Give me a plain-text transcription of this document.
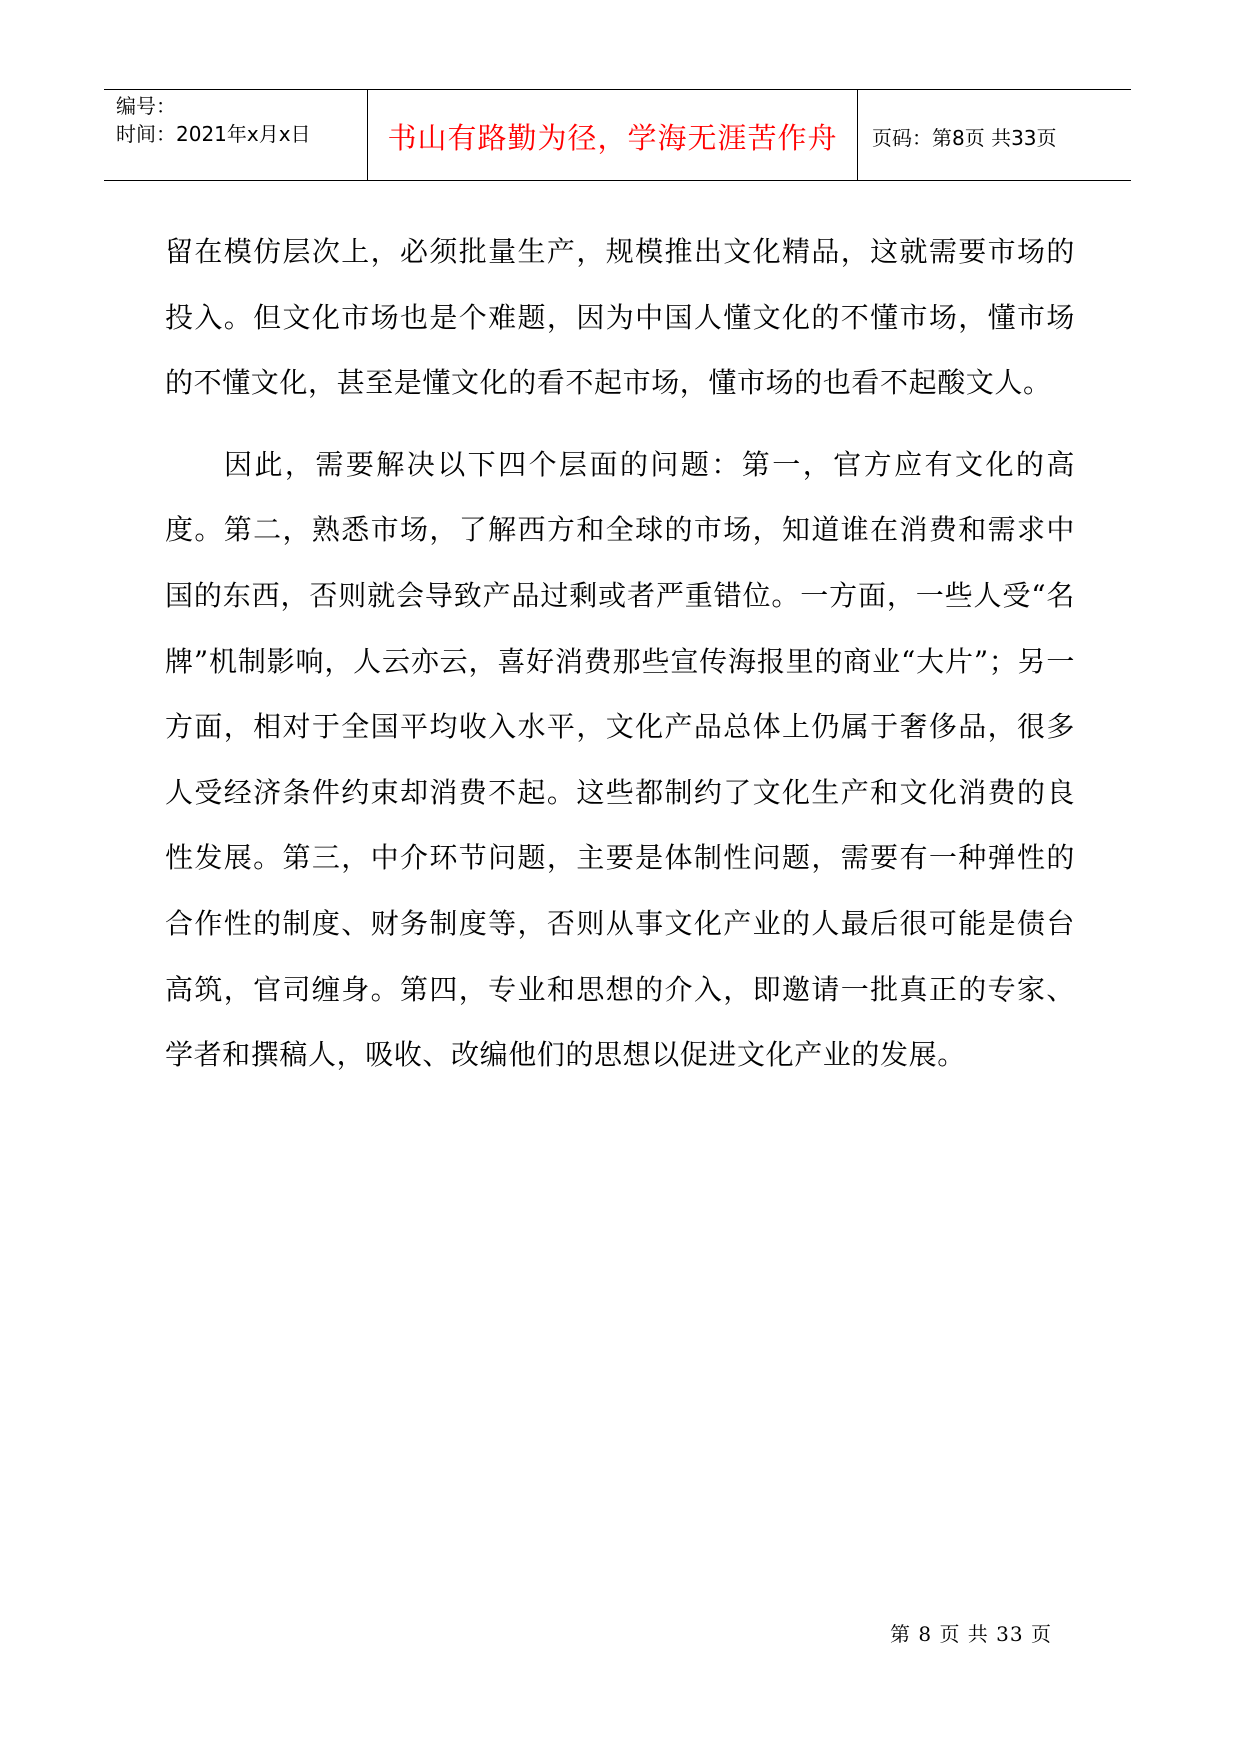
编号：
时间：2021年x月x日	书山有路勤为径，学海无涯苦作舟	页码：第8页 共33页

留在模仿层次上，必须批量生产，规模推出文化精品，这就需要市场的投入。但文化市场也是个难题，因为中国人懂文化的不懂市场，懂市场的不懂文化，甚至是懂文化的看不起市场，懂市场的也看不起酸文人。

因此，需要解决以下四个层面的问题：第一，官方应有文化的高度。第二，熟悉市场，了解西方和全球的市场，知道谁在消费和需求中国的东西，否则就会导致产品过剩或者严重错位。一方面，一些人受“名牌”机制影响，人云亦云，喜好消费那些宣传海报里的商业“大片”；另一方面，相对于全国平均收入水平，文化产品总体上仍属于奢侈品，很多人受经济条件约束却消费不起。这些都制约了文化生产和文化消费的良性发展。第三，中介环节问题，主要是体制性问题，需要有一种弹性的合作性的制度、财务制度等，否则从事文化产业的人最后很可能是债台高筑，官司缠身。第四，专业和思想的介入，即邀请一批真正的专家、学者和撰稿人，吸收、改编他们的思想以促进文化产业的发展。

第 8 页 共 33 页
